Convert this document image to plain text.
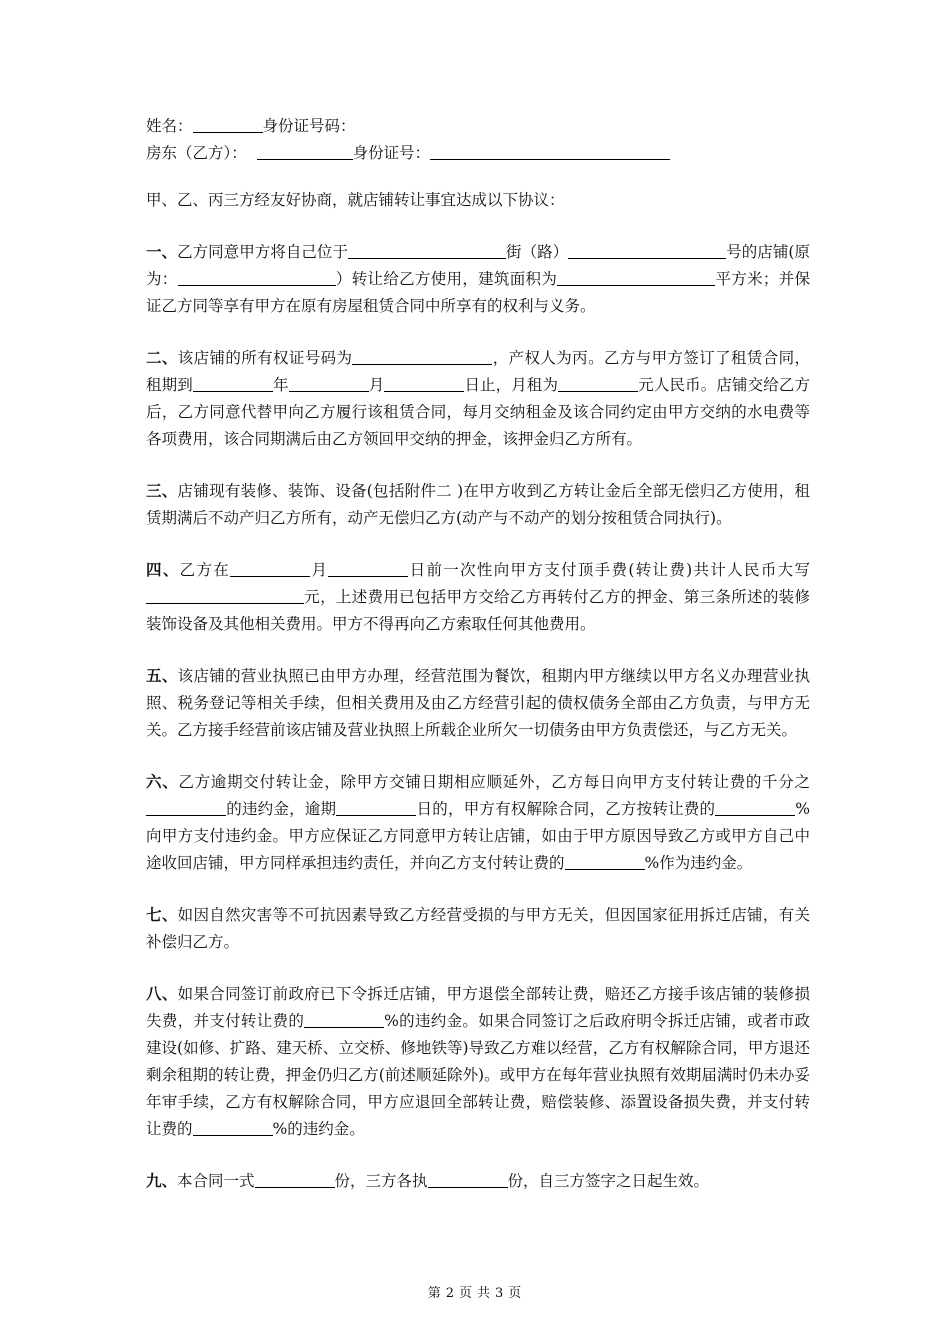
姓名：	身份证号码：
房东（乙方）：	身份证号：
甲、乙、丙三方经友好协商，就店铺转让事宜达成以下协议：
一、乙方同意甲方将自己位于	街（路）	号的店铺(原为：	）转让给乙方使用，建筑面积为	平方米；并保证乙方同等享有甲方在原有房屋租赁合同中所享有的权利与义务。
二、该店铺的所有权证号码为	，产权人为丙。乙方与甲方签订了租赁合同，租期到	年	月	日止，月租为	元人民币。店铺交给乙方后，乙方同意代替甲向乙方履行该租赁合同，每月交纳租金及该合同约定由甲方交纳的水电费等各项费用，该合同期满后由乙方领回甲交纳的押金，该押金归乙方所有。
三、店铺现有装修、装饰、设备(包括附件二 )在甲方收到乙方转让金后全部无偿归乙方使用，租赁期满后不动产归乙方所有，动产无偿归乙方(动产与不动产的划分按租赁合同执行)。
四、乙方在	月	日前一次性向甲方支付顶手费(转让费)共计人民币大写元，上述费用已包括甲方交给乙方再转付乙方的押金、第三条所述的装修装饰设备及其他相关费用。甲方不得再向乙方索取任何其他费用。
五、该店铺的营业执照已由甲方办理，经营范围为餐饮，租期内甲方继续以甲方名义办理营业执照、税务登记等相关手续，但相关费用及由乙方经营引起的债权债务全部由乙方负责，与甲方无关。乙方接手经营前该店铺及营业执照上所载企业所欠一切债务由甲方负责偿还，与乙方无关。
六、乙方逾期交付转让金，除甲方交铺日期相应顺延外，乙方每日向甲方支付转让费的千分之的违约金，逾期	日的，甲方有权解除合同，乙方按转让费的	%向甲方支付违约金。甲方应保证乙方同意甲方转让店铺，如由于甲方原因导致乙方或甲方自己中途收回店铺，甲方同样承担违约责任，并向乙方支付转让费的	%作为违约金。
七、如因自然灾害等不可抗因素导致乙方经营受损的与甲方无关，但因国家征用拆迁店铺，有关补偿归乙方。
八、如果合同签订前政府已下令拆迁店铺，甲方退偿全部转让费，赔还乙方接手该店铺的装修损失费，并支付转让费的	%的违约金。如果合同签订之后政府明令拆迁店铺，或者市政建设(如修、扩路、建天桥、立交桥、修地铁等)导致乙方难以经营，乙方有权解除合同，甲方退还剩余租期的转让费，押金仍归乙方(前述顺延除外)。或甲方在每年营业执照有效期届满时仍未办妥年审手续，乙方有权解除合同，甲方应退回全部转让费，赔偿装修、添置设备损失费，并支付转让费的	%的违约金。
九、本合同一式	份，三方各执	份，自三方签字之日起生效。
第 2 页 共 3 页
